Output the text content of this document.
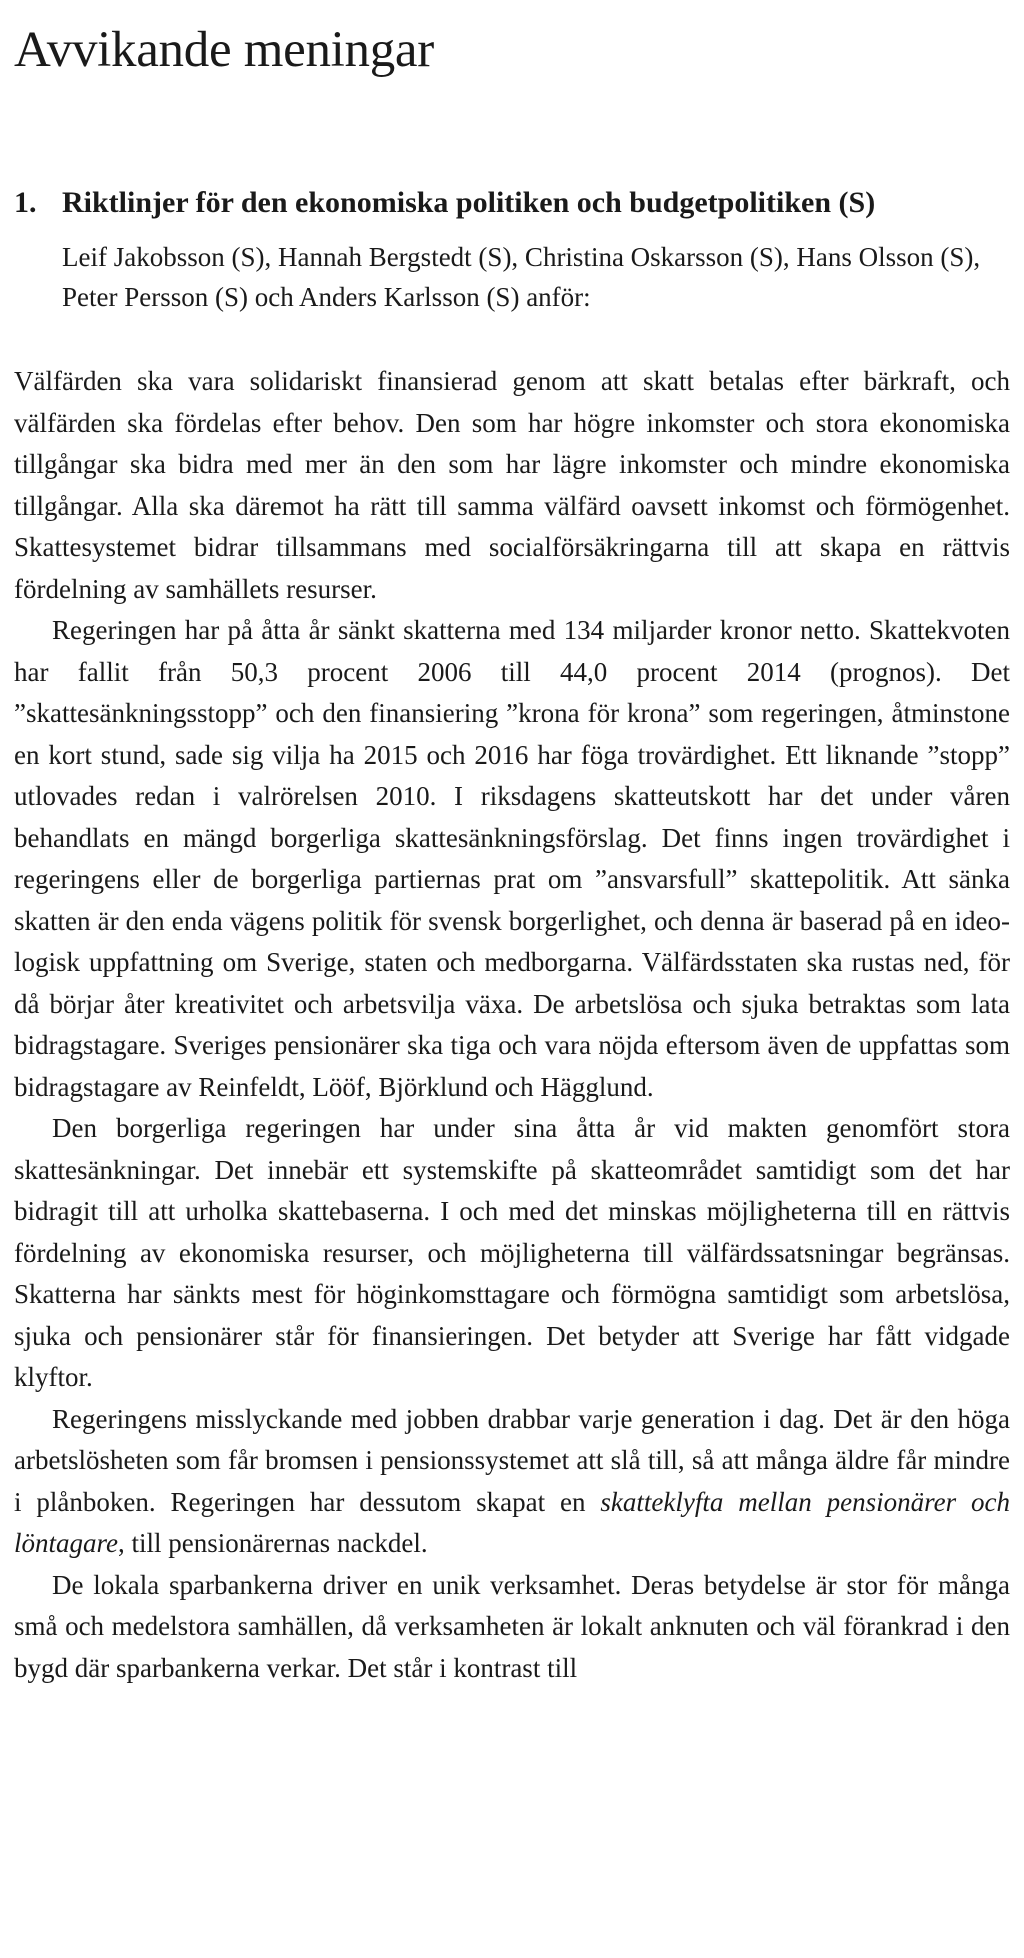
Avvikande meningar
1. Riktlinjer för den ekonomiska politiken och budgetpolitiken (S)
Leif Jakobsson (S), Hannah Bergstedt (S), Christina Oskarsson (S), Hans Olsson (S), Peter Persson (S) och Anders Karlsson (S) anför:

Välfärden ska vara solidariskt finansierad genom att skatt betalas efter bärkraft, och välfärden ska fördelas efter behov. Den som har högre inkomster och stora ekonomiska tillgångar ska bidra med mer än den som har lägre inkomster och mindre ekonomiska tillgångar. Alla ska däremot ha rätt till samma välfärd oavsett inkomst och förmögenhet. Skattesystemet bidrar tillsammans med socialförsäkringarna till att skapa en rättvis fördelning av samhällets resurser.

Regeringen har på åtta år sänkt skatterna med 134 miljarder kronor netto. Skattekvoten har fallit från 50,3 procent 2006 till 44,0 procent 2014 (prognos). Det ”skattesänkningsstopp” och den finansiering ”krona för krona” som regeringen, åtminstone en kort stund, sade sig vilja ha 2015 och 2016 har föga trovärdighet. Ett liknande ”stopp” utlovades redan i valrörelsen 2010. I riksdagens skatteutskott har det under våren behandlats en mängd borgerliga skattesänkningsförslag. Det finns ingen trovärdighet i regeringens eller de borgerliga partiernas prat om ”ansvarsfull” skattepolitik. Att sänka skatten är den enda vägens politik för svensk borgerlighet, och denna är baserad på en ideologisk uppfattning om Sverige, staten och medborgarna. Välfärdsstaten ska rustas ned, för då börjar åter kreativitet och arbetsvilja växa. De arbetslösa och sjuka betraktas som lata bidragstagare. Sveriges pensionärer ska tiga och vara nöjda eftersom även de uppfattas som bidragstagare av Reinfeldt, Lööf, Björklund och Hägglund.

Den borgerliga regeringen har under sina åtta år vid makten genomfört stora skattesänkningar. Det innebär ett systemskifte på skatteområdet samtidigt som det har bidragit till att urholka skattebaserna. I och med det minskas möjligheterna till en rättvis fördelning av ekonomiska resurser, och möjligheterna till välfärdssatsningar begränsas. Skatterna har sänkts mest för höginkomsttagare och förmögna samtidigt som arbetslösa, sjuka och pensionärer står för finansieringen. Det betyder att Sverige har fått vidgade klyftor.

Regeringens misslyckande med jobben drabbar varje generation i dag. Det är den höga arbetslösheten som får bromsen i pensionssystemet att slå till, så att många äldre får mindre i plånboken. Regeringen har dessutom skapat en skatteklyfta mellan pensionärer och löntagare, till pensionärernas nackdel.

De lokala sparbankerna driver en unik verksamhet. Deras betydelse är stor för många små och medelstora samhällen, då verksamheten är lokalt anknuten och väl förankrad i den bygd där sparbankerna verkar. Det står i kontrast till
